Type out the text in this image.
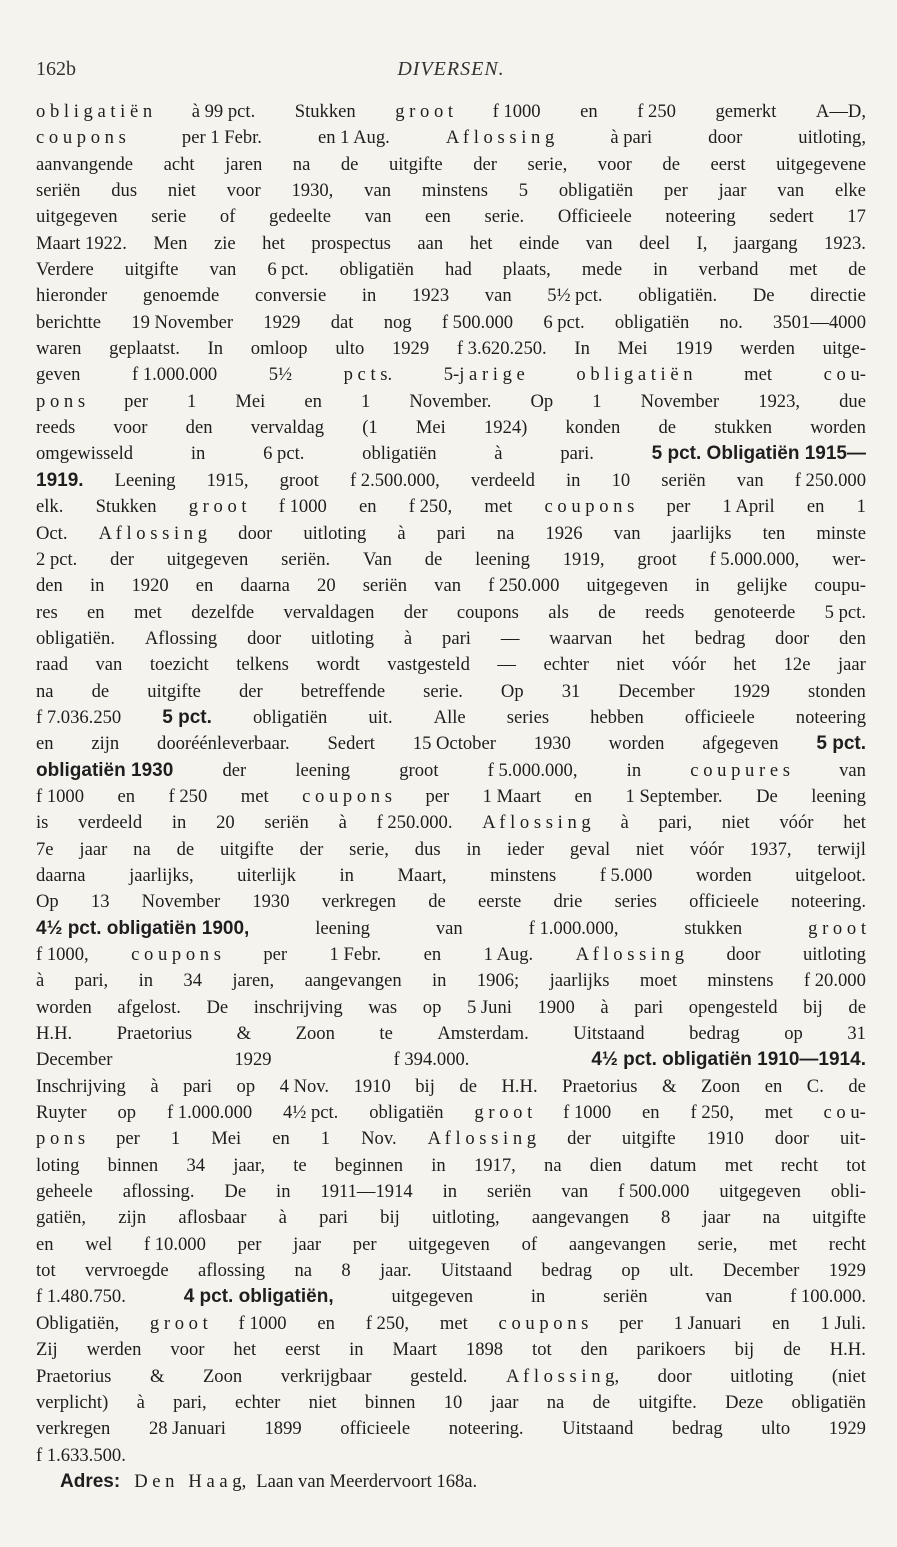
162b	DIVERSEN.
o b l i g a t i ë n à 99 pct. Stukken g r o o t f 1000 en f 250 gemerkt A—D,
c o u p o n s	per 1 Febr.	en 1 Aug.	A f l o s s i n g	à pari	door	uitloting,
aanvangende acht jaren na de uitgifte der serie, voor de eerst uitgegevene
seriën dus niet voor 1930, van minstens 5 obligatiën per jaar van elke
uitgegeven serie of gedeelte van een serie. Officieele noteering sedert 17
Maart 1922. Men zie het prospectus aan het einde van deel I, jaargang 1923.
Verdere uitgifte van 6 pct. obligatiën had plaats, mede in verband met de
hieronder genoemde conversie in 1923 van 5½ pct. obligatiën. De directie
berichtte 19 November 1929 dat nog f 500.000 6 pct. obligatiën no. 3501—4000
waren geplaatst. In omloop ulto 1929 f 3.620.250. In Mei 1919 werden uitge-
geven	f 1.000.000	5½	p c t s.	5-j a r i g e	o b l i g a t i ë n	met	c o u-
p o n s per 1 Mei en 1 November. Op 1 November 1923, due
reeds voor den vervaldag (1 Mei 1924) konden de stukken worden
omgewisseld	in	6 pct.	obligatiën	à	pari.	5 pct. Obligatiën 1915—
1919. Leening 1915, groot f 2.500.000, verdeeld in 10 seriën van f 250.000
elk. Stukken g r o o t f 1000 en f 250, met c o u p o n s per 1 April en 1
Oct. A f l o s s i n g door uitloting à pari na 1926 van jaarlijks ten minste
2 pct. der uitgegeven seriën. Van de leening 1919, groot f 5.000.000, wer-
den in 1920 en daarna 20 seriën van f 250.000 uitgegeven in gelijke coupu-
res en met dezelfde vervaldagen der coupons als de reeds genoteerde 5 pct.
obligatiën. Aflossing door uitloting à pari — waarvan het bedrag door den
raad van toezicht telkens wordt vastgesteld — echter niet vóór het 12e jaar
na de uitgifte der betreffende serie. Op 31 December 1929 stonden
f 7.036.250 5 pct. obligatiën uit. Alle series hebben officieele noteering
en zijn dooréénleverbaar. Sedert 15 October 1930 worden afgegeven 5 pct.
obligatiën 1930	der	leening	groot	f 5.000.000,	in	c o u p u r e s	van
f 1000 en f 250 met c o u p o n s per 1 Maart en 1 September. De leening
is verdeeld in 20 seriën à f 250.000. A f l o s s i n g à pari, niet vóór het
7e jaar na de uitgifte der serie, dus in ieder geval niet vóór 1937, terwijl
daarna jaarlijks, uiterlijk in Maart, minstens f 5.000 worden uitgeloot.
Op 13 November 1930 verkregen de eerste drie series officieele noteering.
4½ pct. obligatiën 1900,	leening	van	f 1.000.000,	stukken	g r o o t
f 1000, c o u p o n s per 1 Febr. en 1 Aug. A f l o s s i n g door uitloting
à pari, in 34 jaren, aangevangen in 1906; jaarlijks moet minstens f 20.000
worden afgelost. De inschrijving was op 5 Juni 1900 à pari opengesteld bij de
H.H. Praetorius & Zoon te Amsterdam. Uitstaand bedrag op 31
December	1929	f 394.000.	4½ pct. obligatiën 1910—1914.
Inschrijving à pari op 4 Nov. 1910 bij de H.H. Praetorius & Zoon en C. de
Ruyter op f 1.000.000 4½ pct. obligatiën g r o o t f 1000 en f 250, met c o u-
p o n s per 1 Mei en 1 Nov. A f l o s s i n g der uitgifte 1910 door uit-
loting binnen 34 jaar, te beginnen in 1917, na dien datum met recht tot
geheele aflossing. De in 1911—1914 in seriën van f 500.000 uitgegeven obli-
gatiën, zijn aflosbaar à pari bij uitloting, aangevangen 8 jaar na uitgifte
en wel f 10.000 per jaar per uitgegeven of aangevangen serie, met recht
tot vervroegde aflossing na 8 jaar. Uitstaand bedrag op ult. December 1929
f 1.480.750.	4 pct. obligatiën,	uitgegeven	in	seriën	van	f 100.000.
Obligatiën, g r o o t f 1000 en f 250, met c o u p o n s per 1 Januari en 1 Juli.
Zij werden voor het eerst in Maart 1898 tot den parikoers bij de H.H.
Praetorius & Zoon verkrijgbaar gesteld. A f l o s s i n g, door uitloting (niet
verplicht) à pari, echter niet binnen 10 jaar na de uitgifte. Deze obligatiën
verkregen 28 Januari 1899 officieele noteering. Uitstaand bedrag ulto 1929
f 1.633.500.
Adres: D e n   H a a g, Laan van Meerdervoort 168a.
